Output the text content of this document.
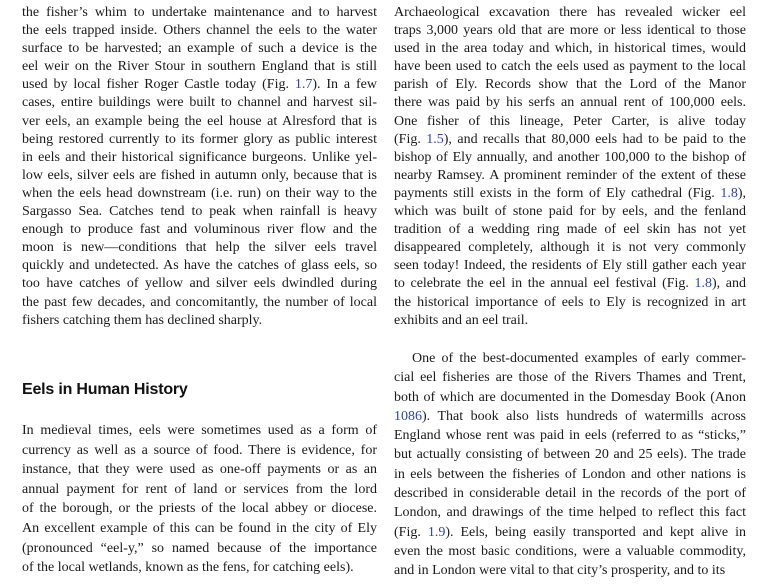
the fisher’s whim to undertake maintenance and to harvest
the eels trapped inside. Others channel the eels to the water
surface to be harvested; an example of such a device is the
eel weir on the River Stour in southern England that is still
used by local fisher Roger Castle today (Fig. 1.7). In a few
cases, entire buildings were built to channel and harvest sil-
ver eels, an example being the eel house at Alresford that is
being restored currently to its former glory as public interest
in eels and their historical significance burgeons. Unlike yel-
low eels, silver eels are fished in autumn only, because that is
when the eels head downstream (i.e. run) on their way to the
Sargasso Sea. Catches tend to peak when rainfall is heavy
enough to produce fast and voluminous river flow and the
moon is new—conditions that help the silver eels travel
quickly and undetected. As have the catches of glass eels, so
too have catches of yellow and silver eels dwindled during
the past few decades, and concomitantly, the number of local
fishers catching them has declined sharply.
Eels in Human History
In medieval times, eels were sometimes used as a form of
currency as well as a source of food. There is evidence, for
instance, that they were used as one-off payments or as an
annual payment for rent of land or services from the lord
of the borough, or the priests of the local abbey or diocese.
An excellent example of this can be found in the city of Ely
(pronounced “eel-y,” so named because of the importance
of the local wetlands, known as the fens, for catching eels).
Archaeological excavation there has revealed wicker eel
traps 3,000 years old that are more or less identical to those
used in the area today and which, in historical times, would
have been used to catch the eels used as payment to the local
parish of Ely. Records show that the Lord of the Manor
there was paid by his serfs an annual rent of 100,000 eels.
One fisher of this lineage, Peter Carter, is alive today
(Fig. 1.5), and recalls that 80,000 eels had to be paid to the
bishop of Ely annually, and another 100,000 to the bishop of
nearby Ramsey. A prominent reminder of the extent of these
payments still exists in the form of Ely cathedral (Fig. 1.8),
which was built of stone paid for by eels, and the fenland
tradition of a wedding ring made of eel skin has not yet
disappeared completely, although it is not very commonly
seen today! Indeed, the residents of Ely still gather each year
to celebrate the eel in the annual eel festival (Fig. 1.8), and
the historical importance of eels to Ely is recognized in art
exhibits and an eel trail.
One of the best-documented examples of early commer-
cial eel fisheries are those of the Rivers Thames and Trent,
both of which are documented in the Domesday Book (Anon
1086). That book also lists hundreds of watermills across
England whose rent was paid in eels (referred to as “sticks,”
but actually consisting of between 20 and 25 eels). The trade
in eels between the fisheries of London and other nations is
described in considerable detail in the records of the port of
London, and drawings of the time helped to reflect this fact
(Fig. 1.9). Eels, being easily transported and kept alive in
even the most basic conditions, were a valuable commodity,
and in London were vital to that city’s prosperity, and to its
